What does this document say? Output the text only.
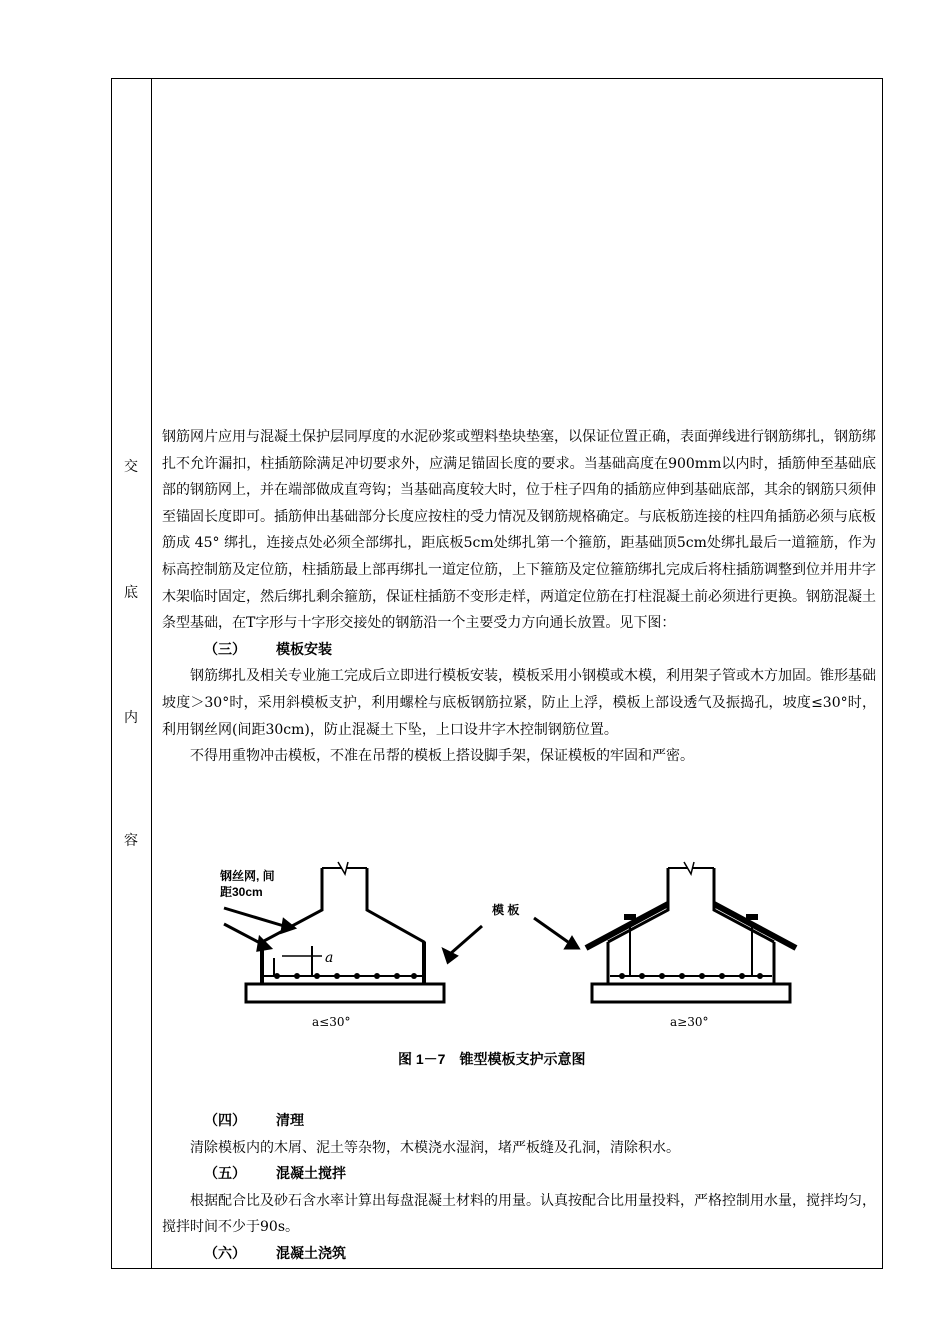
交
底
内
容

钢筋网片应用与混凝土保护层同厚度的水泥砂浆或塑料垫块垫塞，以保证位置正确，表面弹线进行钢筋绑扎，钢筋绑扎不允许漏扣，柱插筋除满足冲切要求外，应满足锚固长度的要求。当基础高度在900mm以内时，插筋伸至基础底部的钢筋网上，并在端部做成直弯钩；当基础高度较大时，位于柱子四角的插筋应伸到基础底部，其余的钢筋只须伸至锚固长度即可。插筋伸出基础部分长度应按柱的受力情况及钢筋规格确定。与底板筋连接的柱四角插筋必须与底板筋成 45° 绑扎，连接点处必须全部绑扎，距底板5cm处绑扎第一个箍筋，距基础顶5cm处绑扎最后一道箍筋，作为标高控制筋及定位筋，柱插筋最上部再绑扎一道定位筋，上下箍筋及定位箍筋绑扎完成后将柱插筋调整到位并用井字木架临时固定，然后绑扎剩余箍筋，保证柱插筋不变形走样，两道定位筋在打柱混凝土前必须进行更换。钢筋混凝土条型基础，在T字形与十字形交接处的钢筋沿一个主要受力方向通长放置。见下图：

（三） 模板安装

钢筋绑扎及相关专业施工完成后立即进行模板安装，模板采用小钢模或木模，利用架子管或木方加固。锥形基础坡度＞30°时，采用斜模板支护，利用螺栓与底板钢筋拉紧，防止上浮，模板上部设透气及振捣孔，坡度≤30°时，利用钢丝网(间距30cm)，防止混凝土下坠，上口设井字木控制钢筋位置。

不得用重物冲击模板，不准在吊帮的模板上搭设脚手架，保证模板的牢固和严密。

钢丝网, 间
距30cm
a
a≤30°
模 板
a≥30°
图 1－7　锥型模板支护示意图
（四） 清理

清除模板内的木屑、泥土等杂物，木模浇水湿润，堵严板缝及孔洞，清除积水。

（五） 混凝土搅拌

根据配合比及砂石含水率计算出每盘混凝土材料的用量。认真按配合比用量投料，严格控制用水量，搅拌均匀，搅拌时间不少于90s。

（六） 混凝土浇筑
